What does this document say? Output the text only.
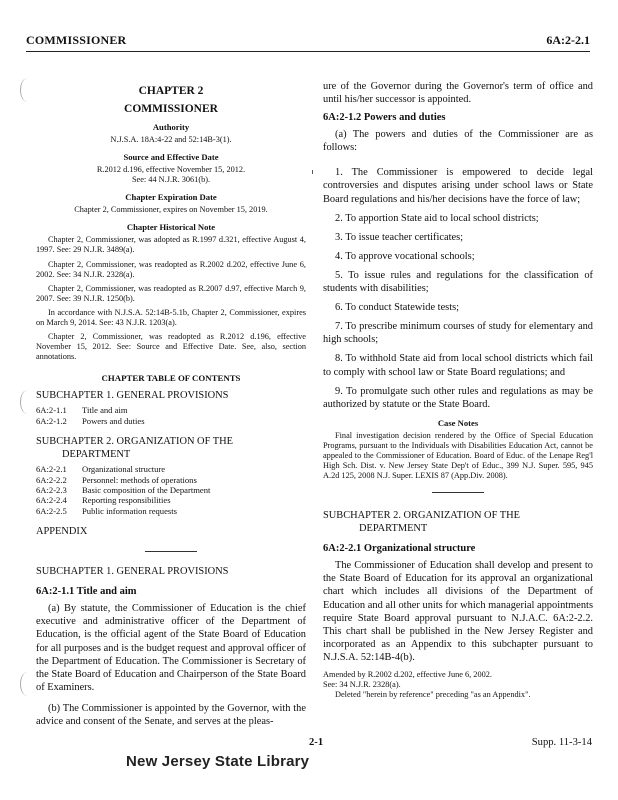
COMMISSIONER	6A:2-2.1
CHAPTER 2
COMMISSIONER
Authority
N.J.S.A. 18A:4-22 and 52:14B-3(1).
Source and Effective Date
R.2012 d.196, effective November 15, 2012.
See: 44 N.J.R. 3061(b).
Chapter Expiration Date
Chapter 2, Commissioner, expires on November 15, 2019.
Chapter Historical Note
Chapter 2, Commissioner, was adopted as R.1997 d.321, effective August 4, 1997. See: 29 N.J.R. 3489(a).
Chapter 2, Commissioner, was readopted as R.2002 d.202, effective June 6, 2002. See: 34 N.J.R. 2328(a).
Chapter 2, Commissioner, was readopted as R.2007 d.97, effective March 9, 2007. See: 39 N.J.R. 1250(b).
In accordance with N.J.S.A. 52:14B-5.1b, Chapter 2, Commissioner, expires on March 9, 2014. See: 43 N.J.R. 1203(a).
Chapter 2, Commissioner, was readopted as R.2012 d.196, effective November 15, 2012. See: Source and Effective Date. See, also, section annotations.
CHAPTER TABLE OF CONTENTS
SUBCHAPTER 1. GENERAL PROVISIONS
6A:2-1.1	Title and aim
6A:2-1.2	Powers and duties
SUBCHAPTER 2. ORGANIZATION OF THE
DEPARTMENT
6A:2-2.1	Organizational structure
6A:2-2.2	Personnel: methods of operations
6A:2-2.3	Basic composition of the Department
6A:2-2.4	Reporting responsibilities
6A:2-2.5	Public information requests
APPENDIX
SUBCHAPTER 1. GENERAL PROVISIONS
6A:2-1.1 Title and aim
(a) By statute, the Commissioner of Education is the chief executive and administrative officer of the Department of Education, is the official agent of the State Board of Education for all purposes and is the budget request and approval officer of the Department of Education. The Commissioner is Secretary of the State Board of Education and Chairperson of the State Board of Examiners.
(b) The Commissioner is appointed by the Governor, with the advice and consent of the Senate, and serves at the pleas-
ure of the Governor during the Governor's term of office and until his/her successor is appointed.
6A:2-1.2 Powers and duties
(a) The powers and duties of the Commissioner are as follows:
1. The Commissioner is empowered to decide legal controversies and disputes arising under school laws or State Board regulations and his/her decisions have the force of law;
2. To apportion State aid to local school districts;
3. To issue teacher certificates;
4. To approve vocational schools;
5. To issue rules and regulations for the classification of students with disabilities;
6. To conduct Statewide tests;
7. To prescribe minimum courses of study for elementary and high schools;
8. To withhold State aid from local school districts which fail to comply with school law or State Board regulations; and
9. To promulgate such other rules and regulations as may be authorized by statute or the State Board.
Case Notes
Final investigation decision rendered by the Office of Special Education Programs, pursuant to the Individuals with Disabilities Education Act, cannot be appealed to the Commissioner of Education. Board of Educ. of the Lenape Reg'l High Sch. Dist. v. New Jersey State Dep't of Educ., 399 N.J. Super. 595, 945 A.2d 125, 2008 N.J. Super. LEXIS 87 (App.Div. 2008).
SUBCHAPTER 2. ORGANIZATION OF THE
DEPARTMENT
6A:2-2.1 Organizational structure
The Commissioner of Education shall develop and present to the State Board of Education for its approval an organizational chart which includes all divisions of the Department of Education and all other units for which managerial appointments require State Board approval pursuant to N.J.A.C. 6A:2-2.2. This chart shall be published in the New Jersey Register and incorporated as an Appendix to this subchapter pursuant to N.J.S.A. 52:14B-4(b).
Amended by R.2002 d.202, effective June 6, 2002.
See: 34 N.J.R. 2328(a).
Deleted "herein by reference" preceding "as an Appendix".
2-1	Supp. 11-3-14
New Jersey State Library
